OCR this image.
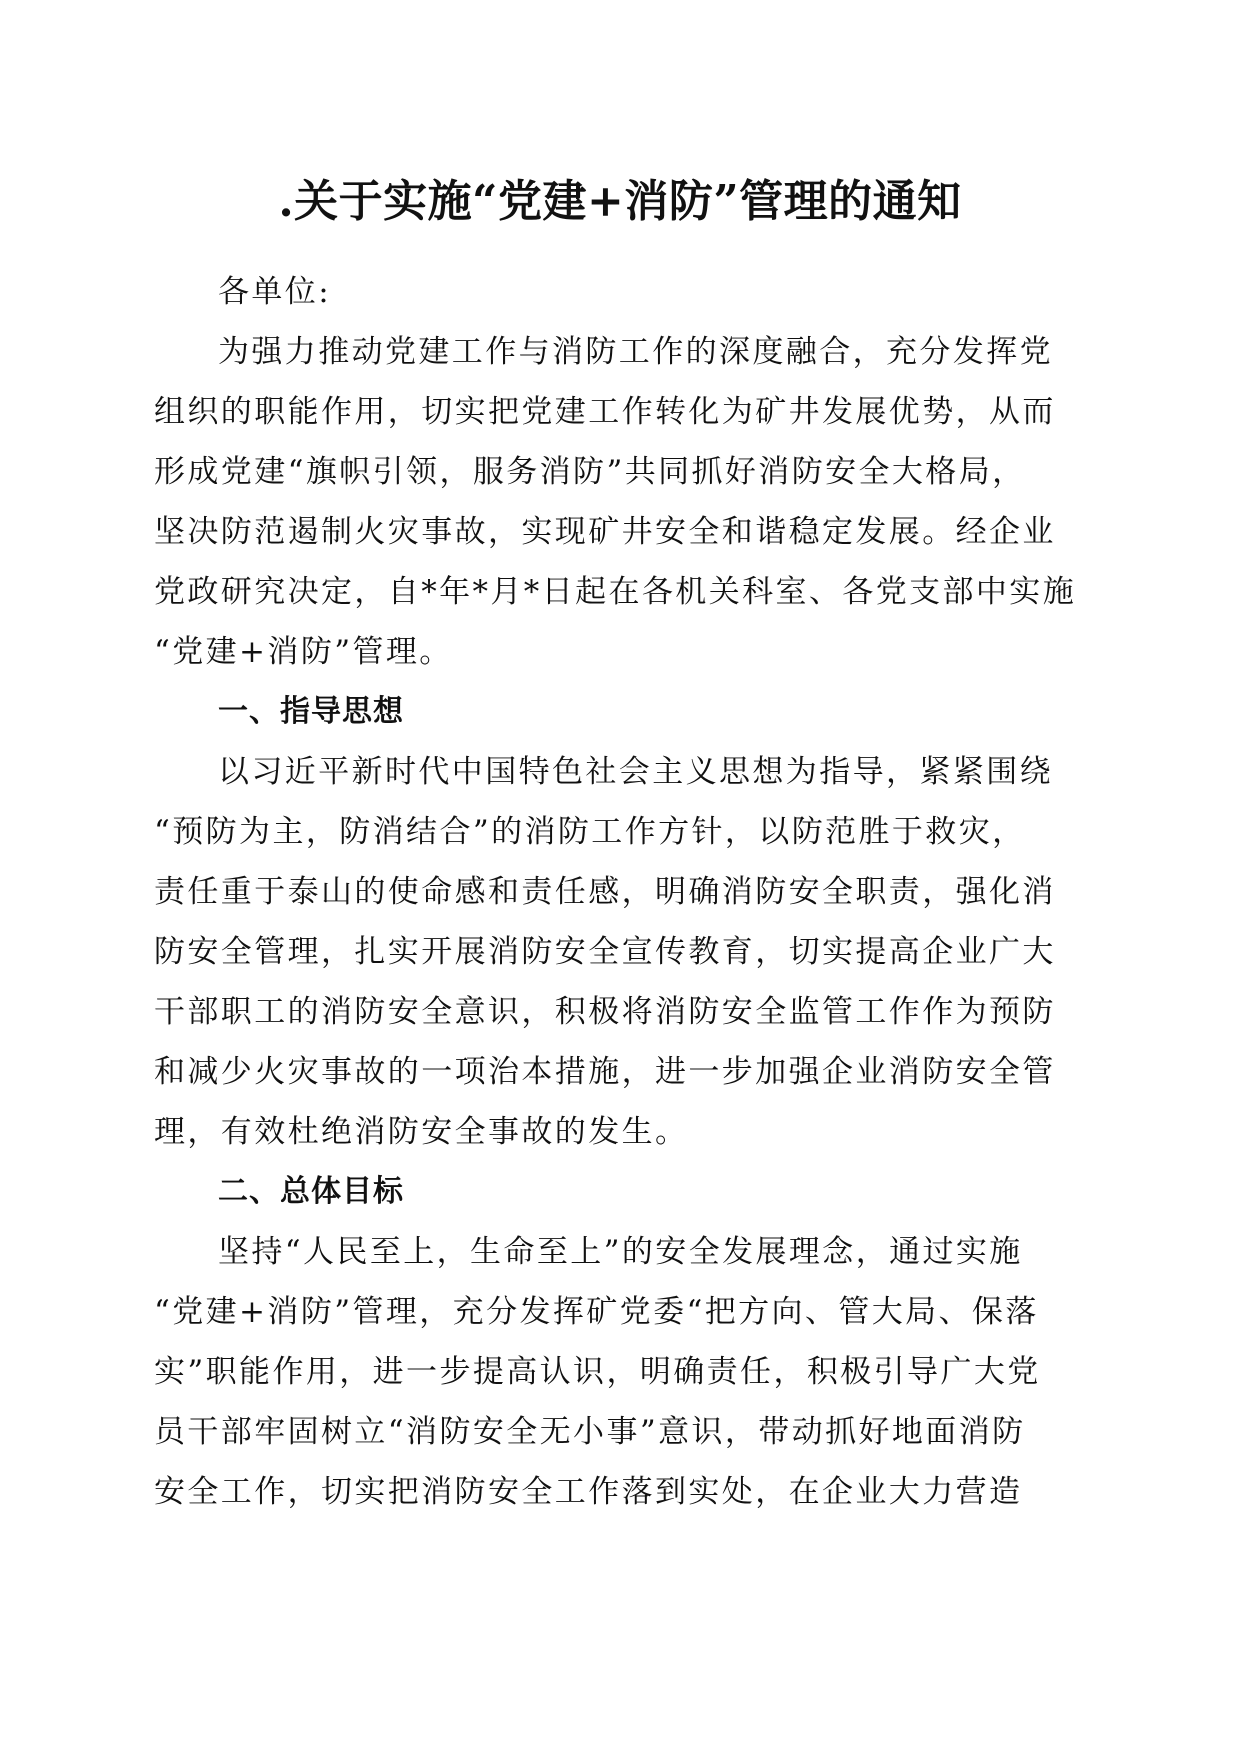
.关于实施“党建+消防”管理的通知

各单位:

为强力推动党建工作与消防工作的深度融合，充分发挥党

组织的职能作用，切实把党建工作转化为矿井发展优势，从而

形成党建“旗帜引领，服务消防”共同抓好消防安全大格局，

坚决防范遏制火灾事故，实现矿井安全和谐稳定发展。经企业

党政研究决定，自*年*月*日起在各机关科室、各党支部中实施

“党建+消防”管理。

一、指导思想

以习近平新时代中国特色社会主义思想为指导，紧紧围绕

“预防为主，防消结合”的消防工作方针，以防范胜于救灾，

责任重于泰山的使命感和责任感，明确消防安全职责，强化消

防安全管理，扎实开展消防安全宣传教育，切实提高企业广大

干部职工的消防安全意识，积极将消防安全监管工作作为预防

和减少火灾事故的一项治本措施，进一步加强企业消防安全管

理，有效杜绝消防安全事故的发生。

二、总体目标

坚持“人民至上，生命至上”的安全发展理念，通过实施

“党建+消防”管理，充分发挥矿党委“把方向、管大局、保落

实”职能作用，进一步提高认识，明确责任，积极引导广大党

员干部牢固树立“消防安全无小事”意识，带动抓好地面消防

安全工作，切实把消防安全工作落到实处，在企业大力营造
